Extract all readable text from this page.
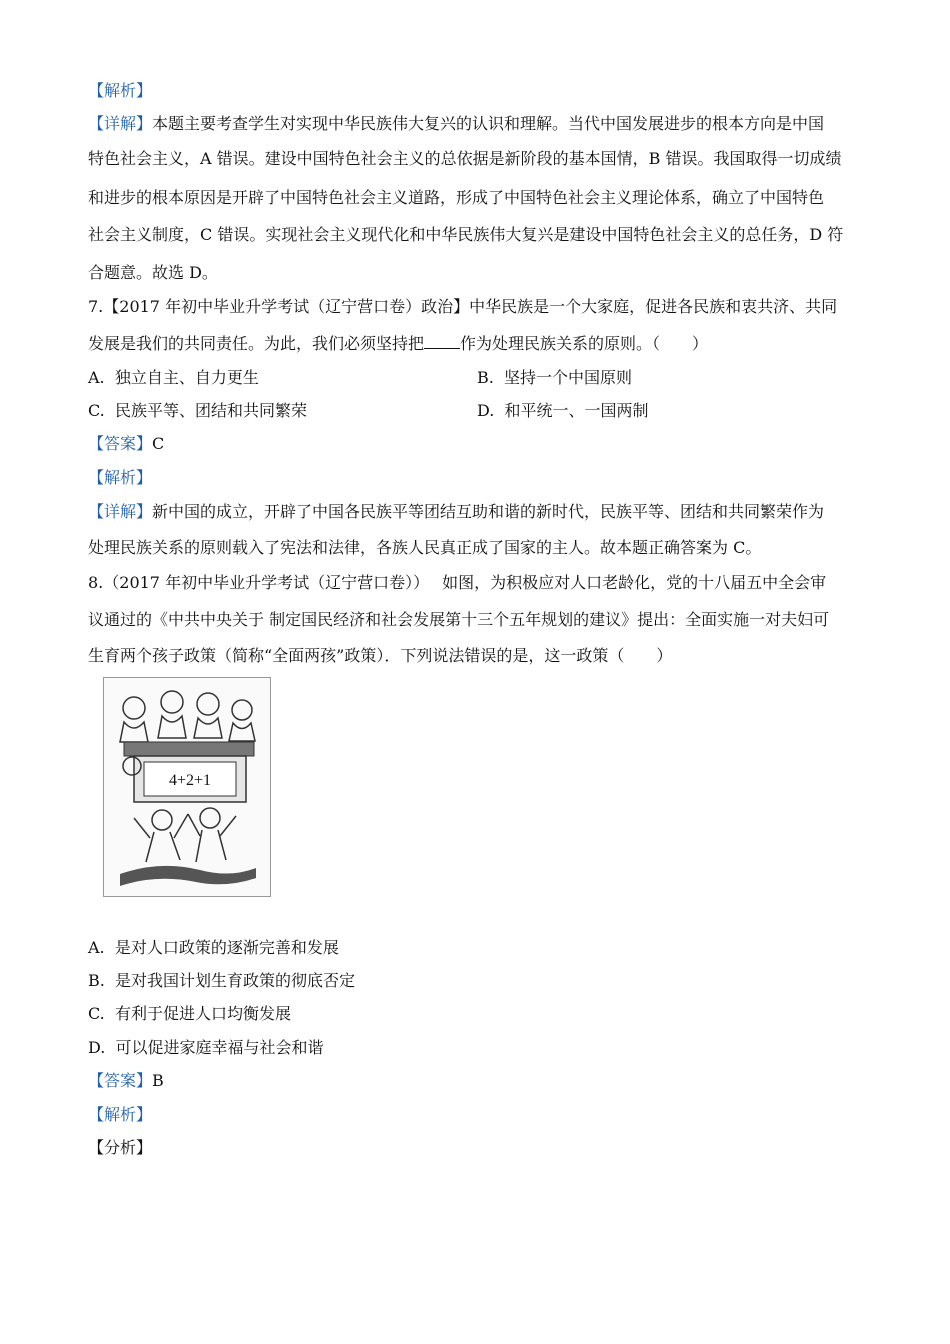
【解析】
【详解】本题主要考查学生对实现中华民族伟大复兴的认识和理解。当代中国发展进步的根本方向是中国
特色社会主义，A 错误。建设中国特色社会主义的总依据是新阶段的基本国情，B 错误。我国取得一切成绩
和进步的根本原因是开辟了中国特色社会主义道路，形成了中国特色社会主义理论体系，确立了中国特色
社会主义制度，C 错误。实现社会主义现代化和中华民族伟大复兴是建设中国特色社会主义的总任务，D 符
合题意。故选 D。
7.【2017 年初中毕业升学考试（辽宁营口卷）政治】中华民族是一个大家庭，促进各民族和衷共济、共同
发展是我们的共同责任。为此，我们必须坚持把 作为处理民族关系的原则。（　　）
A. 独立自主、自力更生	B. 坚持一个中国原则
C. 民族平等、团结和共同繁荣	D. 和平统一、一国两制
【答案】C
【解析】
【详解】新中国的成立，开辟了中国各民族平等团结互助和谐的新时代，民族平等、团结和共同繁荣作为
处理民族关系的原则载入了宪法和法律，各族人民真正成了国家的主人。故本题正确答案为 C。
8.（2017 年初中毕业升学考试（辽宁营口卷））　 如图，为积极应对人口老龄化，党的十八届五中全会审
议通过的《中共中央关于 制定国民经济和社会发展第十三个五年规划的建议》提出：全面实施一对夫妇可
生育两个孩子政策（简称“全面两孩”政策）．下列说法错误的是，这一政策（　　）
4+2+1
A. 是对人口政策的逐渐完善和发展
B. 是对我国计划生育政策的彻底否定
C. 有利于促进人口均衡发展
D. 可以促进家庭幸福与社会和谐
【答案】B
【解析】
【分析】
